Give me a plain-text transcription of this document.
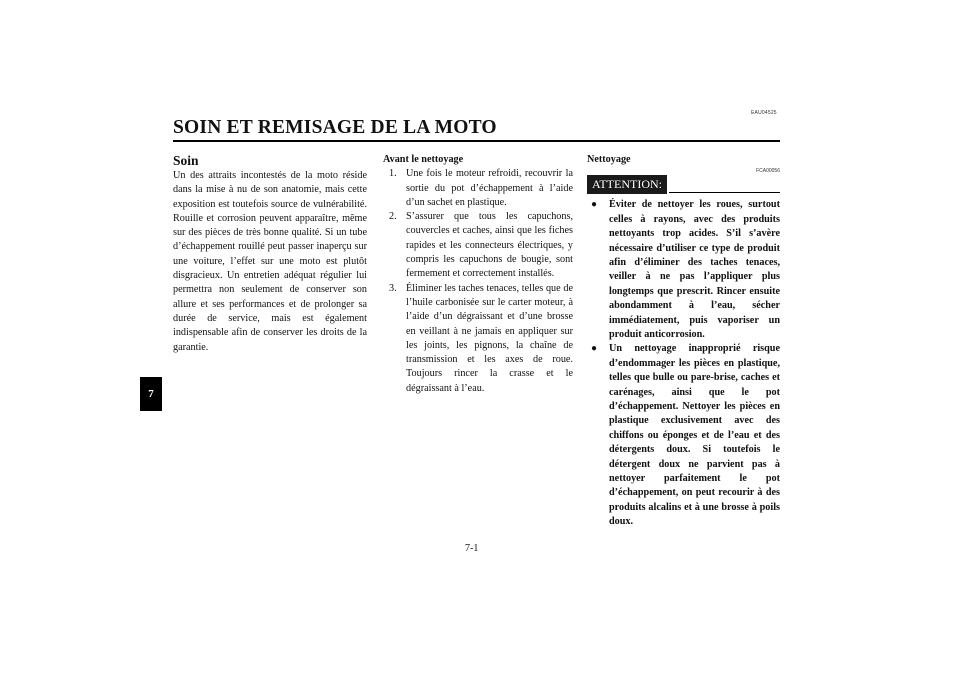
EAU04525
SOIN ET REMISAGE DE LA MOTO
7
Soin

Un des attraits incontestés de la moto réside dans la mise à nu de son anatomie, mais cette exposition est toutefois source de vulnérabilité. Rouille et corrosion peuvent apparaître, même sur des pièces de très bonne qualité. Si un tube d’échappement rouillé peut passer inaperçu sur une voiture, l’effet sur une moto est plutôt disgracieux. Un entretien adéquat régulier lui permettra non seulement de conserver son allure et ses performances et de prolonger sa durée de service, mais est également indispensable afin de conserver les droits de la garantie.

Avant le nettoyage
1. Une fois le moteur refroidi, recouvrir la sortie du pot d’échappement à l’aide d’un sachet en plastique.
2. S’assurer que tous les capuchons, couvercles et caches, ainsi que les fiches rapides et les connecteurs électriques, y compris les capuchons de bougie, sont fermement et correctement installés.
3. Éliminer les taches tenaces, telles que de l’huile carbonisée sur le carter moteur, à l’aide d’un dégraissant et d’une brosse en veillant à ne jamais en appliquer sur les joints, les pignons, la chaîne de transmission et les axes de roue. Toujours rincer la crasse et le dégraissant à l’eau.
Nettoyage
FCA00056
ATTENTION:
● Éviter de nettoyer les roues, surtout celles à rayons, avec des produits nettoyants trop acides. S’il s’avère nécessaire d’utiliser ce type de produit afin d’éliminer des taches tenaces, veiller à ne pas l’appliquer plus longtemps que prescrit. Rincer ensuite abondamment à l’eau, sécher immédiatement, puis vaporiser un produit anticorrosion.
● Un nettoyage inapproprié risque d’endommager les pièces en plastique, telles que bulle ou pare-brise, caches et carénages, ainsi que le pot d’échappement. Nettoyer les pièces en plastique exclusivement avec des chiffons ou éponges et de l’eau et des détergents doux. Si toutefois le détergent doux ne parvient pas à nettoyer parfaitement le pot d’échappement, on peut recourir à des produits alcalins et à une brosse à poils doux.
7-1
